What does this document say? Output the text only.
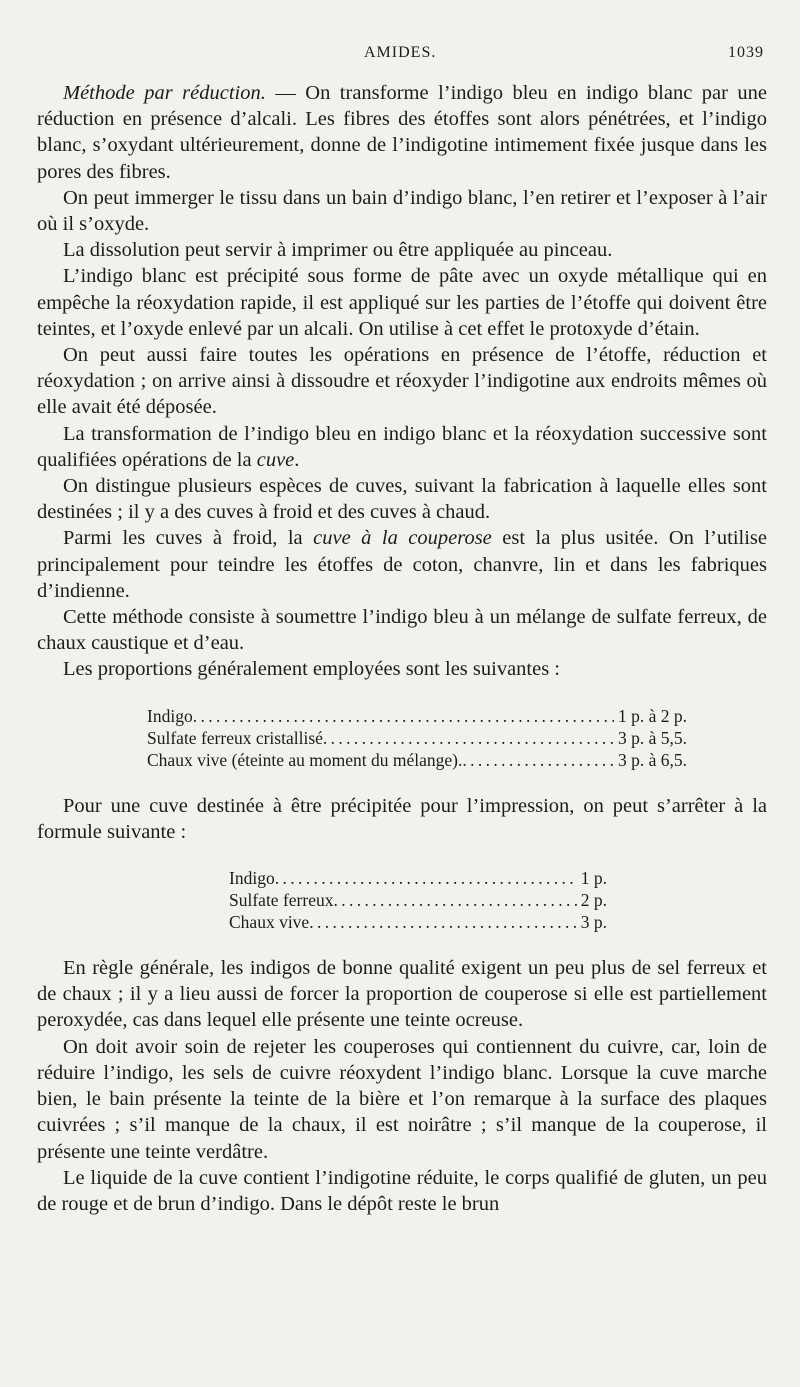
AMIDES.	1039

Méthode par réduction. — On transforme l’indigo bleu en indigo blanc par une réduction en présence d’alcali. Les fibres des étoffes sont alors pénétrées, et l’indigo blanc, s’oxydant ultérieurement, donne de l’indigotine intimement fixée jusque dans les pores des fibres.

On peut immerger le tissu dans un bain d’indigo blanc, l’en retirer et l’exposer à l’air où il s’oxyde.

La dissolution peut servir à imprimer ou être appliquée au pinceau.

L’indigo blanc est précipité sous forme de pâte avec un oxyde métallique qui en empêche la réoxydation rapide, il est appliqué sur les parties de l’étoffe qui doivent être teintes, et l’oxyde enlevé par un alcali. On utilise à cet effet le protoxyde d’étain.

On peut aussi faire toutes les opérations en présence de l’étoffe, réduction et réoxydation ; on arrive ainsi à dissoudre et réoxyder l’indigotine aux endroits mêmes où elle avait été déposée.

La transformation de l’indigo bleu en indigo blanc et la réoxydation successive sont qualifiées opérations de la cuve.

On distingue plusieurs espèces de cuves, suivant la fabrication à laquelle elles sont destinées ; il y a des cuves à froid et des cuves à chaud.

Parmi les cuves à froid, la cuve à la couperose est la plus usitée. On l’utilise principalement pour teindre les étoffes de coton, chanvre, lin et dans les fabriques d’indienne.

Cette méthode consiste à soumettre l’indigo bleu à un mélange de sulfate ferreux, de chaux caustique et d’eau.

Les proportions généralement employées sont les suivantes :

Indigo . . .	1 p. à 2 p.
Sulfate ferreux cristallisé . . .	3 p. à 5,5.
Chaux vive (éteinte au moment du mélange). . . .	3 p. à 6,5.

Pour une cuve destinée à être précipitée pour l’impression, on peut s’arrêter à la formule suivante :

Indigo . . .	1 p.
Sulfate ferreux . . .	2 p.
Chaux vive . . .	3 p.

En règle générale, les indigos de bonne qualité exigent un peu plus de sel ferreux et de chaux ; il y a lieu aussi de forcer la proportion de couperose si elle est partiellement peroxydée, cas dans lequel elle présente une teinte ocreuse.

On doit avoir soin de rejeter les couperoses qui contiennent du cuivre, car, loin de réduire l’indigo, les sels de cuivre réoxydent l’indigo blanc. Lorsque la cuve marche bien, le bain présente la teinte de la bière et l’on remarque à la surface des plaques cuivrées ; s’il manque de la chaux, il est noirâtre ; s’il manque de la couperose, il présente une teinte verdâtre.

Le liquide de la cuve contient l’indigotine réduite, le corps qualifié de gluten, un peu de rouge et de brun d’indigo. Dans le dépôt reste le brun
